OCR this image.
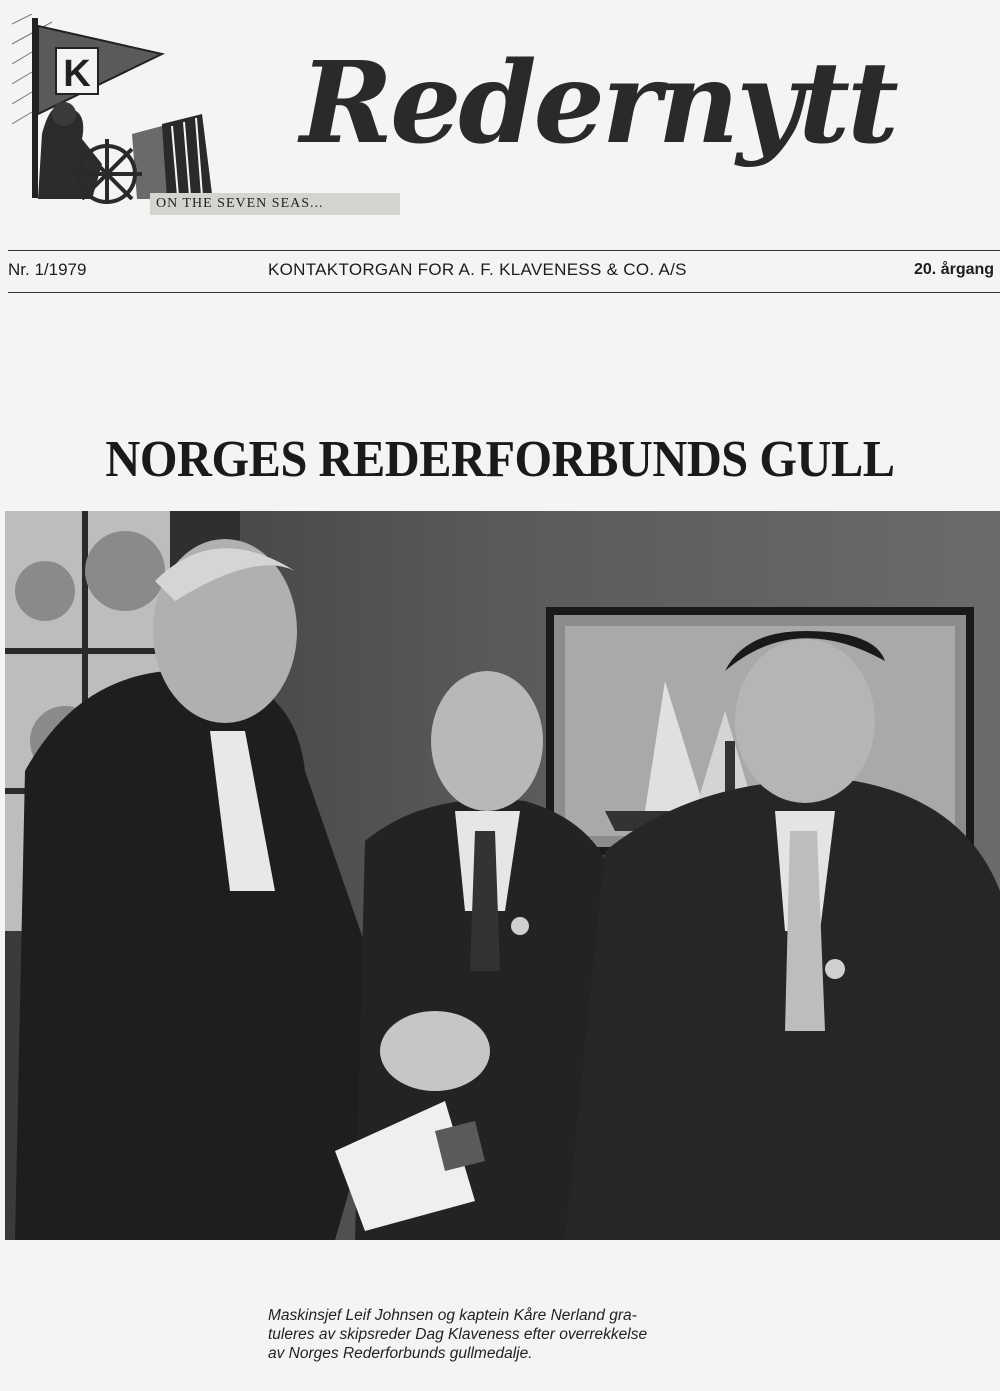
K
ON THE SEVEN SEAS...
Redernytt
Nr. 1/1979	KONTAKTORGAN FOR A. F. KLAVENESS & CO. A/S	20. årgang
NORGES REDERFORBUNDS GULL
Maskinsjef Leif Johnsen og kaptein Kåre Nerland gra-
tuleres av skipsreder Dag Klaveness efter overrekkelse
av Norges Rederforbunds gullmedalje.
